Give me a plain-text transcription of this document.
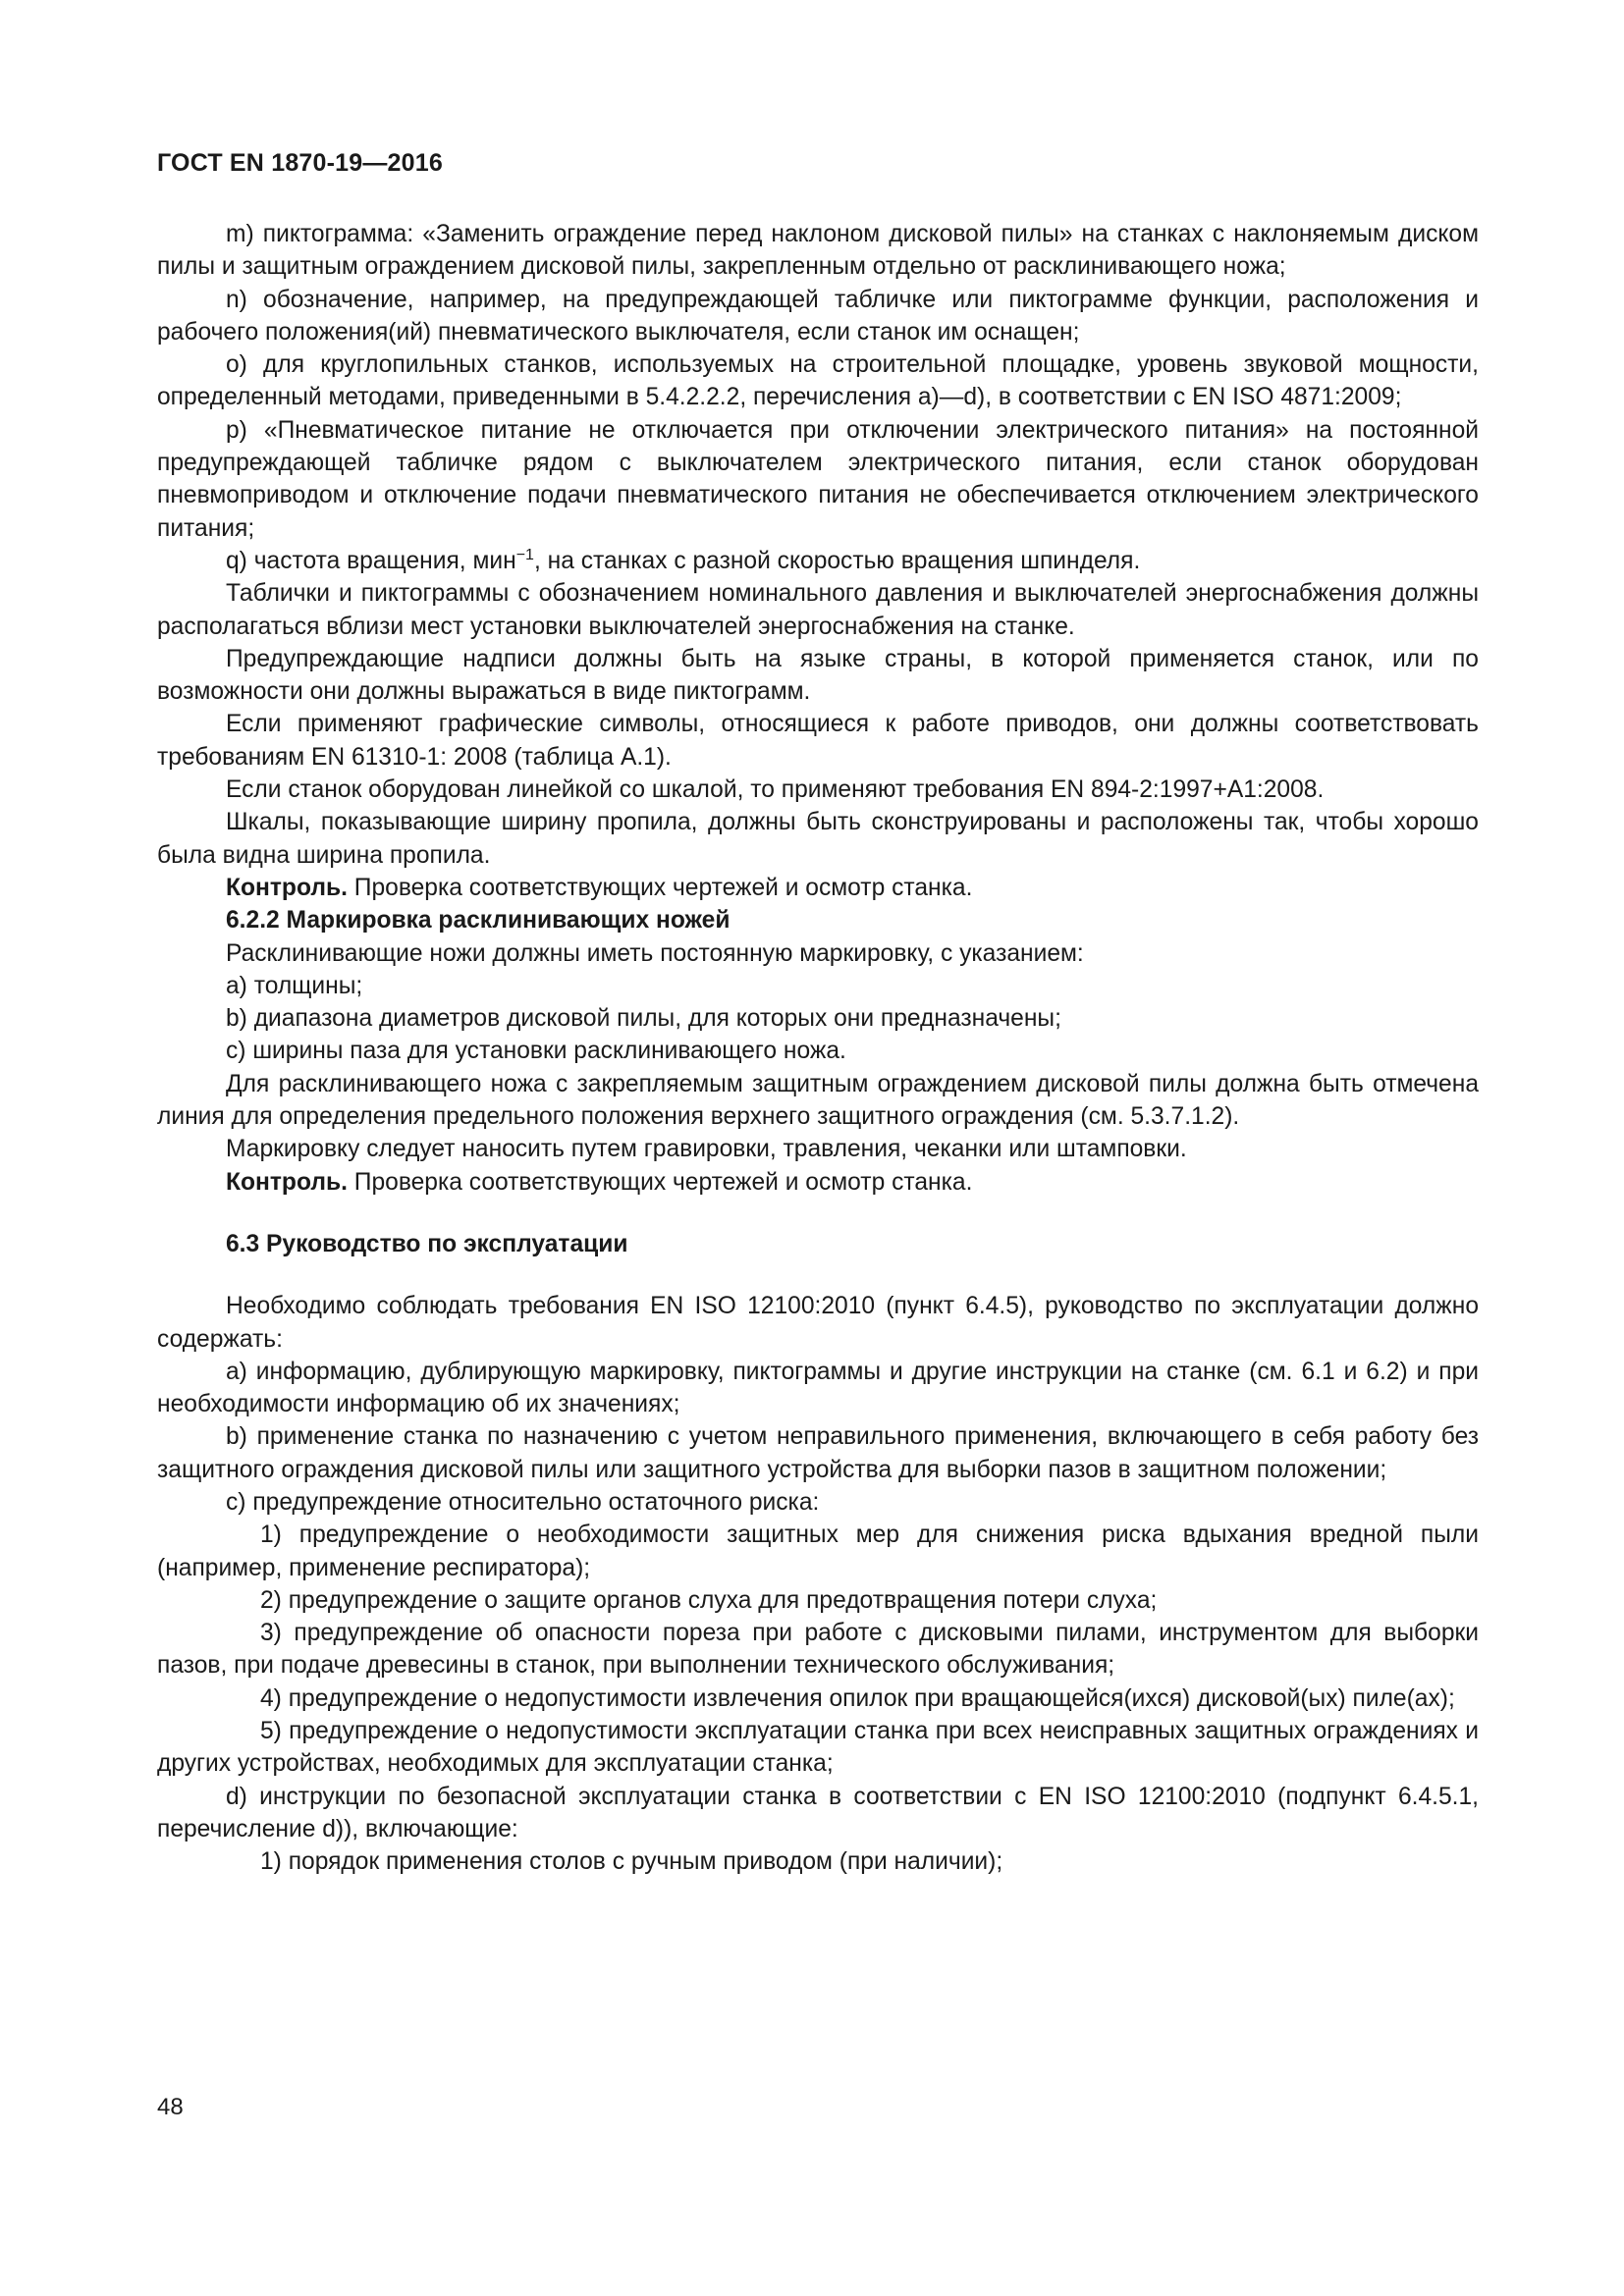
ГОСТ EN 1870-19—2016

m) пиктограмма: «Заменить ограждение перед наклоном дисковой пилы» на станках с наклоняемым диском пилы и защитным ограждением дисковой пилы, закрепленным отдельно от расклинивающего ножа;

n) обозначение, например, на предупреждающей табличке или пиктограмме функции, расположения и рабочего положения(ий) пневматического выключателя, если станок им оснащен;

о) для круглопильных станков, используемых на строительной площадке, уровень звуковой мощности, определенный методами, приведенными в 5.4.2.2.2, перечисления а)—d), в соответствии с EN ISO 4871:2009;

p) «Пневматическое питание не отключается при отключении электрического питания» на постоянной предупреждающей табличке рядом с выключателем электрического питания, если станок оборудован пневмоприводом и отключение подачи пневматического питания не обеспечивается отключением электрического питания;

q) частота вращения, мин$^{-1}$, на станках с разной скоростью вращения шпинделя.

Таблички и пиктограммы с обозначением номинального давления и выключателей энергоснабжения должны располагаться вблизи мест установки выключателей энергоснабжения на станке.

Предупреждающие надписи должны быть на языке страны, в которой применяется станок, или по возможности они должны выражаться в виде пиктограмм.

Если применяют графические символы, относящиеся к работе приводов, они должны соответствовать требованиям EN 61310-1: 2008 (таблица А.1).

Если станок оборудован линейкой со шкалой, то применяют требования EN 894-2:1997+A1:2008.

Шкалы, показывающие ширину пропила, должны быть сконструированы и расположены так, чтобы хорошо была видна ширина пропила.

Контроль. Проверка соответствующих чертежей и осмотр станка.

6.2.2 Маркировка расклинивающих ножей

Расклинивающие ножи должны иметь постоянную маркировку, с указанием:

а) толщины;

b) диапазона диаметров дисковой пилы, для которых они предназначены;

с) ширины паза для установки расклинивающего ножа.

Для расклинивающего ножа с закрепляемым защитным ограждением дисковой пилы должна быть отмечена линия для определения предельного положения верхнего защитного ограждения (см. 5.3.7.1.2).

Маркировку следует наносить путем гравировки, травления, чеканки или штамповки.

Контроль. Проверка соответствующих чертежей и осмотр станка.

6.3 Руководство по эксплуатации

Необходимо соблюдать требования EN ISO 12100:2010 (пункт 6.4.5), руководство по эксплуатации должно содержать:

а) информацию, дублирующую маркировку, пиктограммы и другие инструкции на станке (см. 6.1 и 6.2) и при необходимости информацию об их значениях;

b) применение станка по назначению с учетом неправильного применения, включающего в себя работу без защитного ограждения дисковой пилы или защитного устройства для выборки пазов в защитном положении;

с) предупреждение относительно остаточного риска:

1) предупреждение о необходимости защитных мер для снижения риска вдыхания вредной пыли (например, применение респиратора);

2) предупреждение о защите органов слуха для предотвращения потери слуха;

3) предупреждение об опасности пореза при работе с дисковыми пилами, инструментом для выборки пазов, при подаче древесины в станок, при выполнении технического обслуживания;

4) предупреждение о недопустимости извлечения опилок при вращающейся(ихся) дисковой(ых) пиле(ах);

5) предупреждение о недопустимости эксплуатации станка при всех неисправных защитных ограждениях и других устройствах, необходимых для эксплуатации станка;

d) инструкции по безопасной эксплуатации станка в соответствии с EN ISO 12100:2010 (подпункт 6.4.5.1, перечисление d)), включающие:

1) порядок применения столов с ручным приводом (при наличии);

48
